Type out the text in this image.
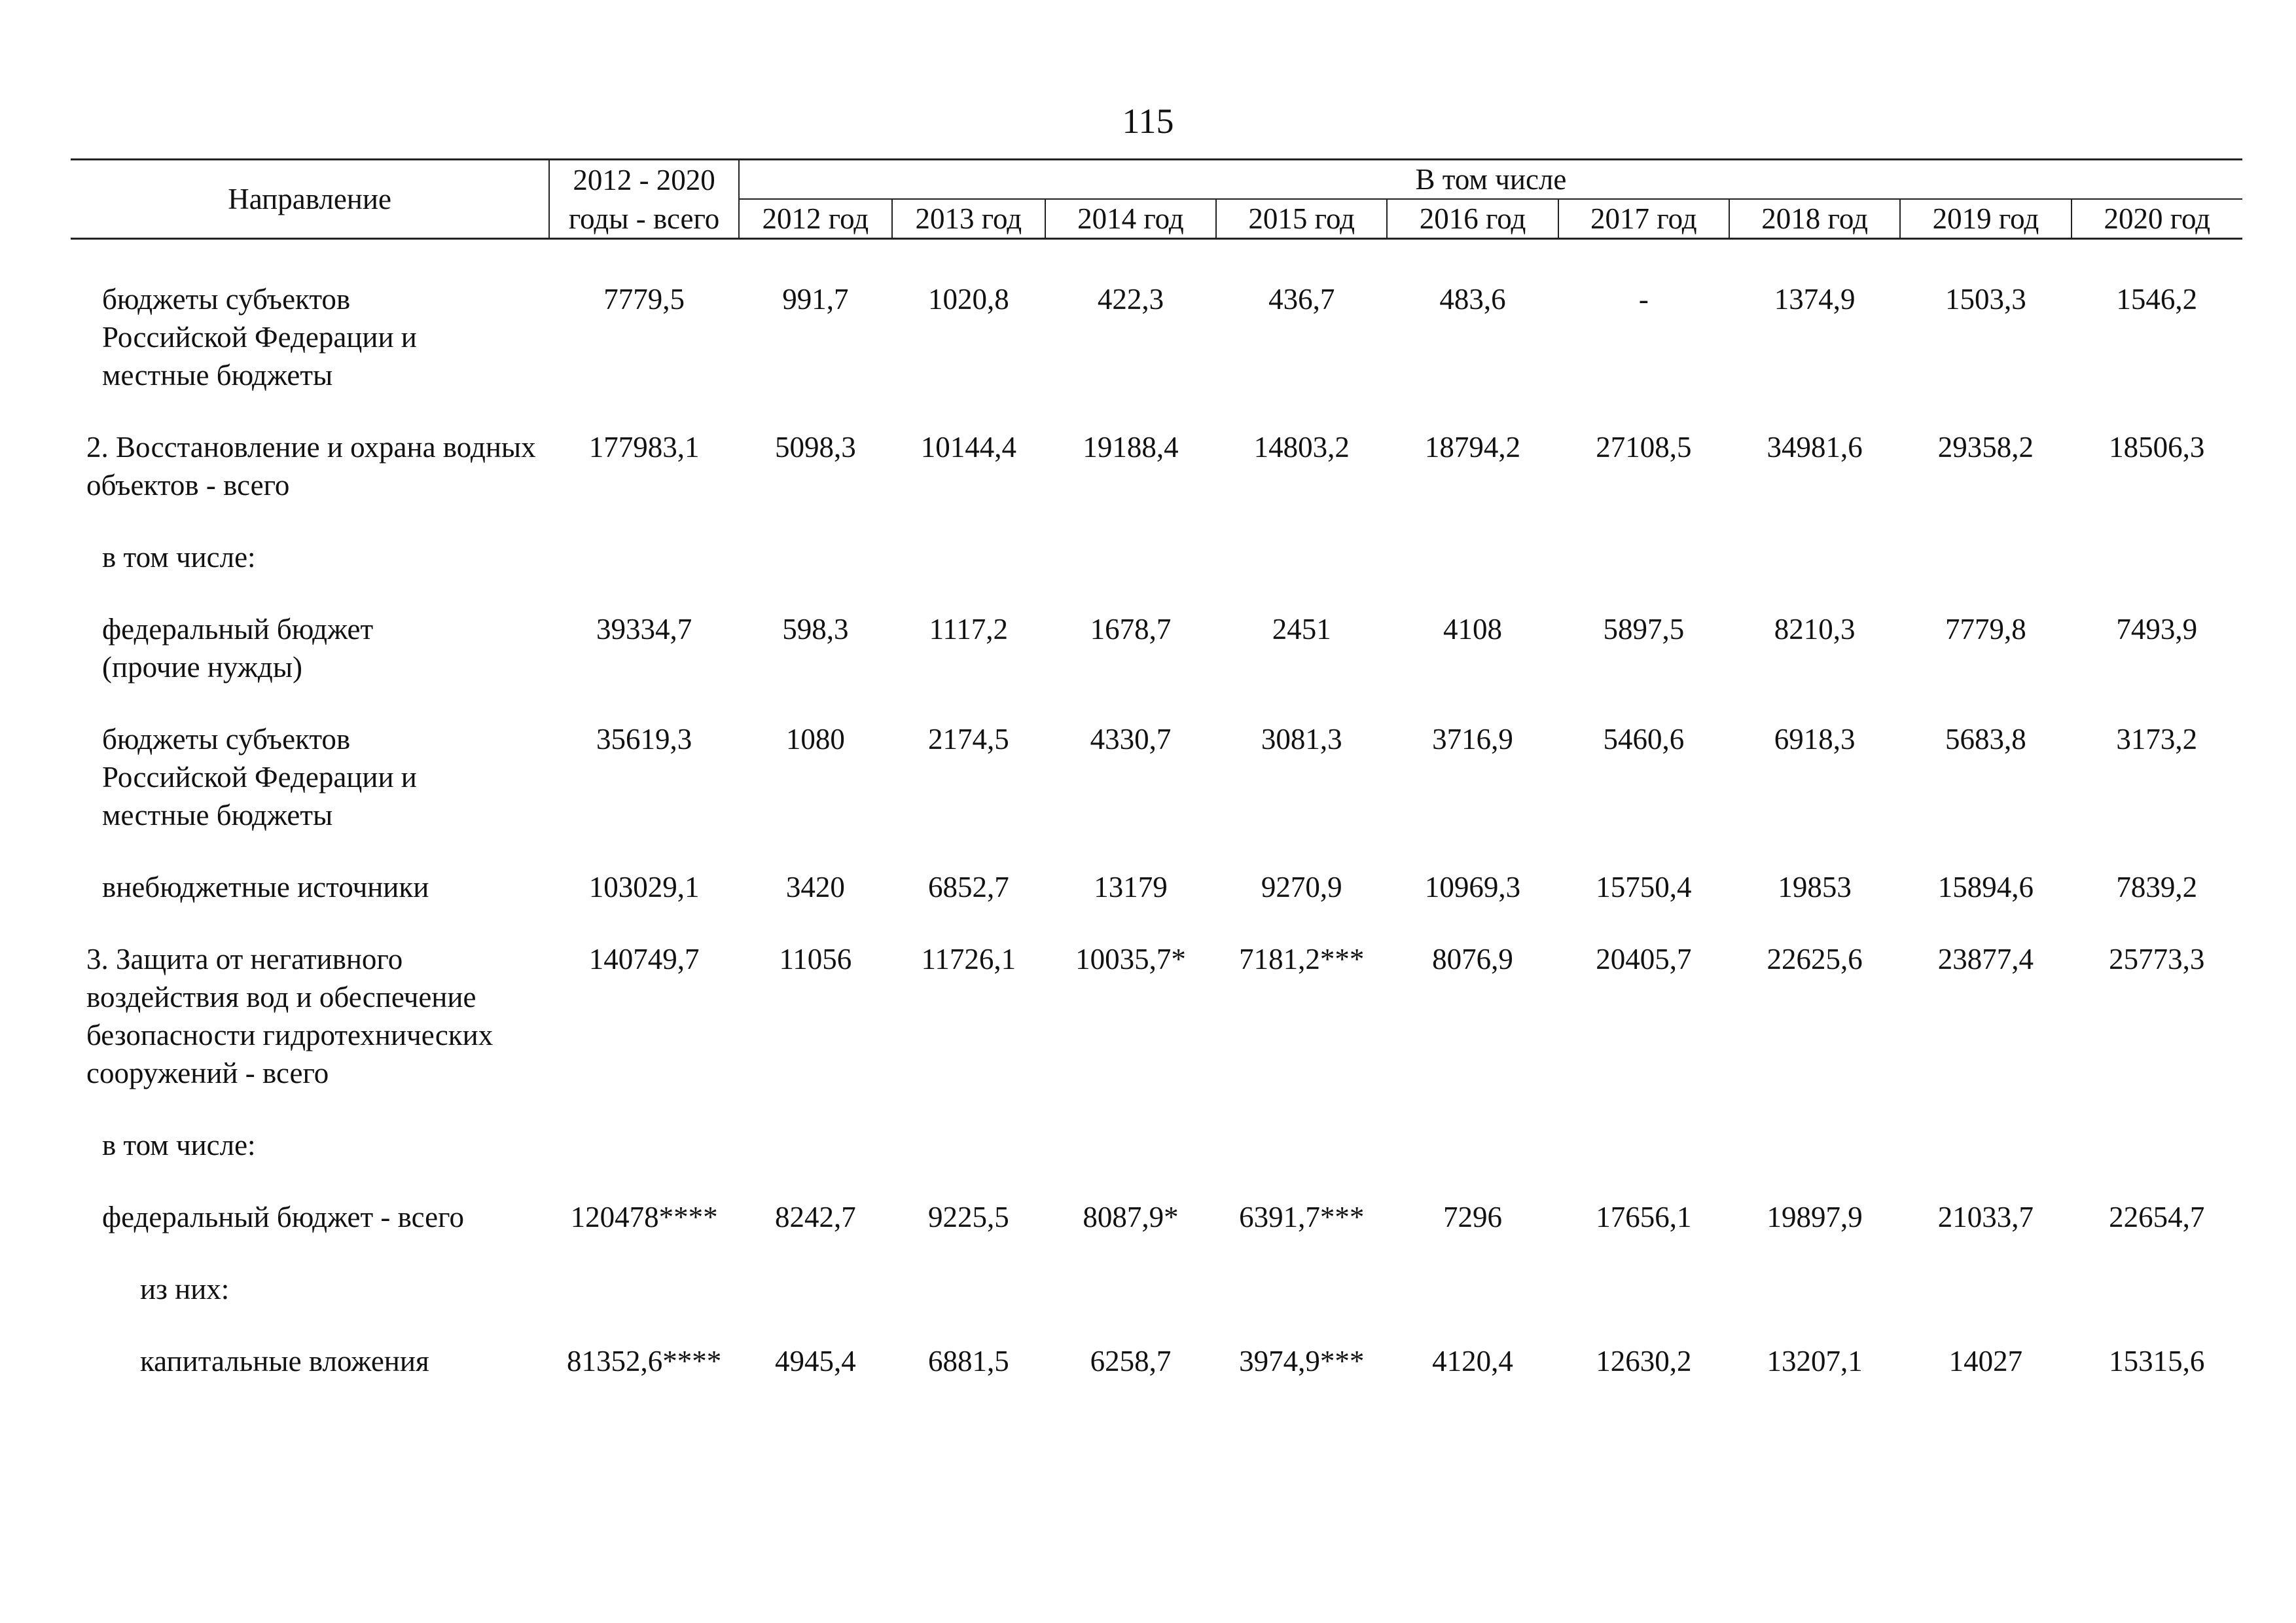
115
Направление	2012 - 2020	В том числе								
	годы - всего	2012 год	2013 год	2014 год	2015 год	2016 год	2017 год	2018 год	2019 год	2020 год

бюджеты субъектов Российской Федерации и местные бюджеты	7779,5	991,7	1020,8	422,3	436,7	483,6	-	1374,9	1503,3	1546,2

2. Восстановление и охрана водных объектов - всего	177983,1	5098,3	10144,4	19188,4	14803,2	18794,2	27108,5	34981,6	29358,2	18506,3

в том числе:										

федеральный бюджет (прочие нужды)	39334,7	598,3	1117,2	1678,7	2451	4108	5897,5	8210,3	7779,8	7493,9

бюджеты субъектов Российской Федерации и местные бюджеты	35619,3	1080	2174,5	4330,7	3081,3	3716,9	5460,6	6918,3	5683,8	3173,2

внебюджетные источники	103029,1	3420	6852,7	13179	9270,9	10969,3	15750,4	19853	15894,6	7839,2

3. Защита от негативного воздействия вод и обеспечение безопасности гидротехнических сооружений - всего	140749,7	11056	11726,1	10035,7*	7181,2***	8076,9	20405,7	22625,6	23877,4	25773,3

в том числе:										

федеральный бюджет - всего	120478****	8242,7	9225,5	8087,9*	6391,7***	7296	17656,1	19897,9	21033,7	22654,7

из них:										

капитальные вложения	81352,6****	4945,4	6881,5	6258,7	3974,9***	4120,4	12630,2	13207,1	14027	15315,6
